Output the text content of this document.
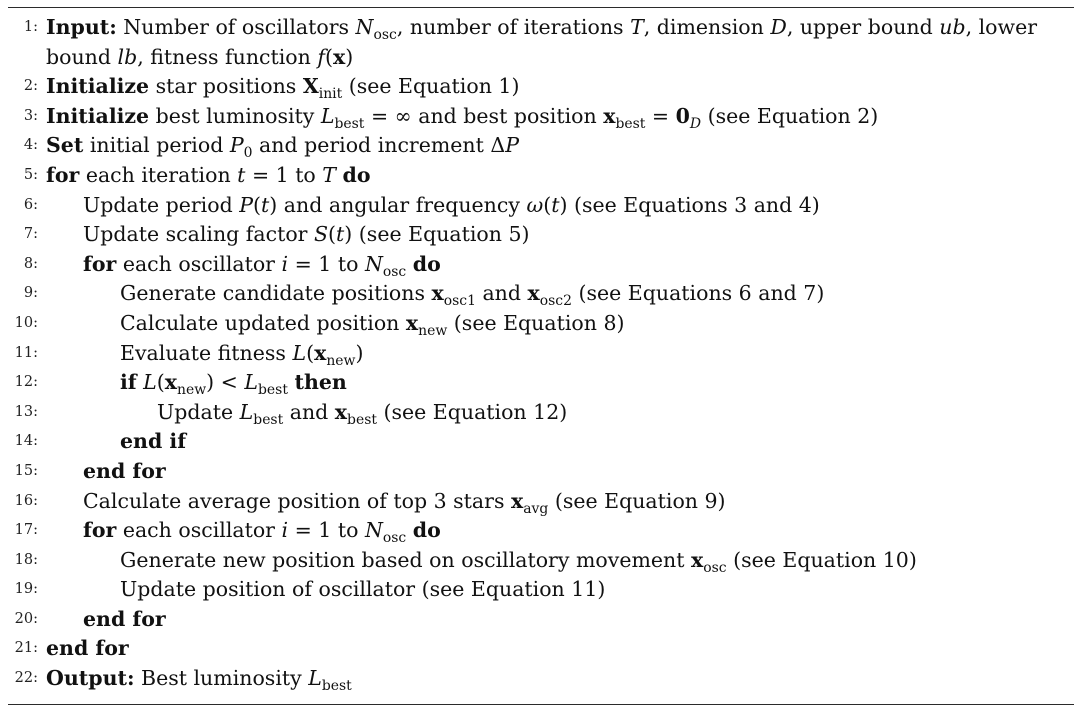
1: Input: Number of oscillators $N_{osc}$, number of iterations T, dimension D, upper bound ub, lower
bound lb, fitness function f(x)
2: Initialize star positions $X_{init}$ (see Equation 1)
3: Initialize best luminosity $L_{best}$ = ∞ and best position $x_{best} = 0_D$ (see Equation 2)
4: Set initial period $P_0$ and period increment ΔP
5: for each iteration t = 1 to T do
6: Update period P(t) and angular frequency ω(t) (see Equations 3 and 4)
7: Update scaling factor S(t) (see Equation 5)
8: for each oscillator i = 1 to $N_{osc}$ do
9:	Generate candidate positions $x_{osc1}$ and $x_{osc2}$ (see Equations 6 and 7)
10:	Calculate updated position $x_{new}$ (see Equation 8)
11:	Evaluate fitness $L(x_{new})$
12:	if $L(x_{new}) < L_{best}$ then
13:	Update $L_{best}$ and $x_{best}$ (see Equation 12)
14:	end if
15: end for
16: Calculate average position of top 3 stars $x_{avg}$ (see Equation 9)
17: for each oscillator i = 1 to $N_{osc}$ do
18:	Generate new position based on oscillatory movement $x_{osc}$ (see Equation 10)
19:	Update position of oscillator (see Equation 11)
20: end for
21: end for
22: Output: Best luminosity $L_{best}$
